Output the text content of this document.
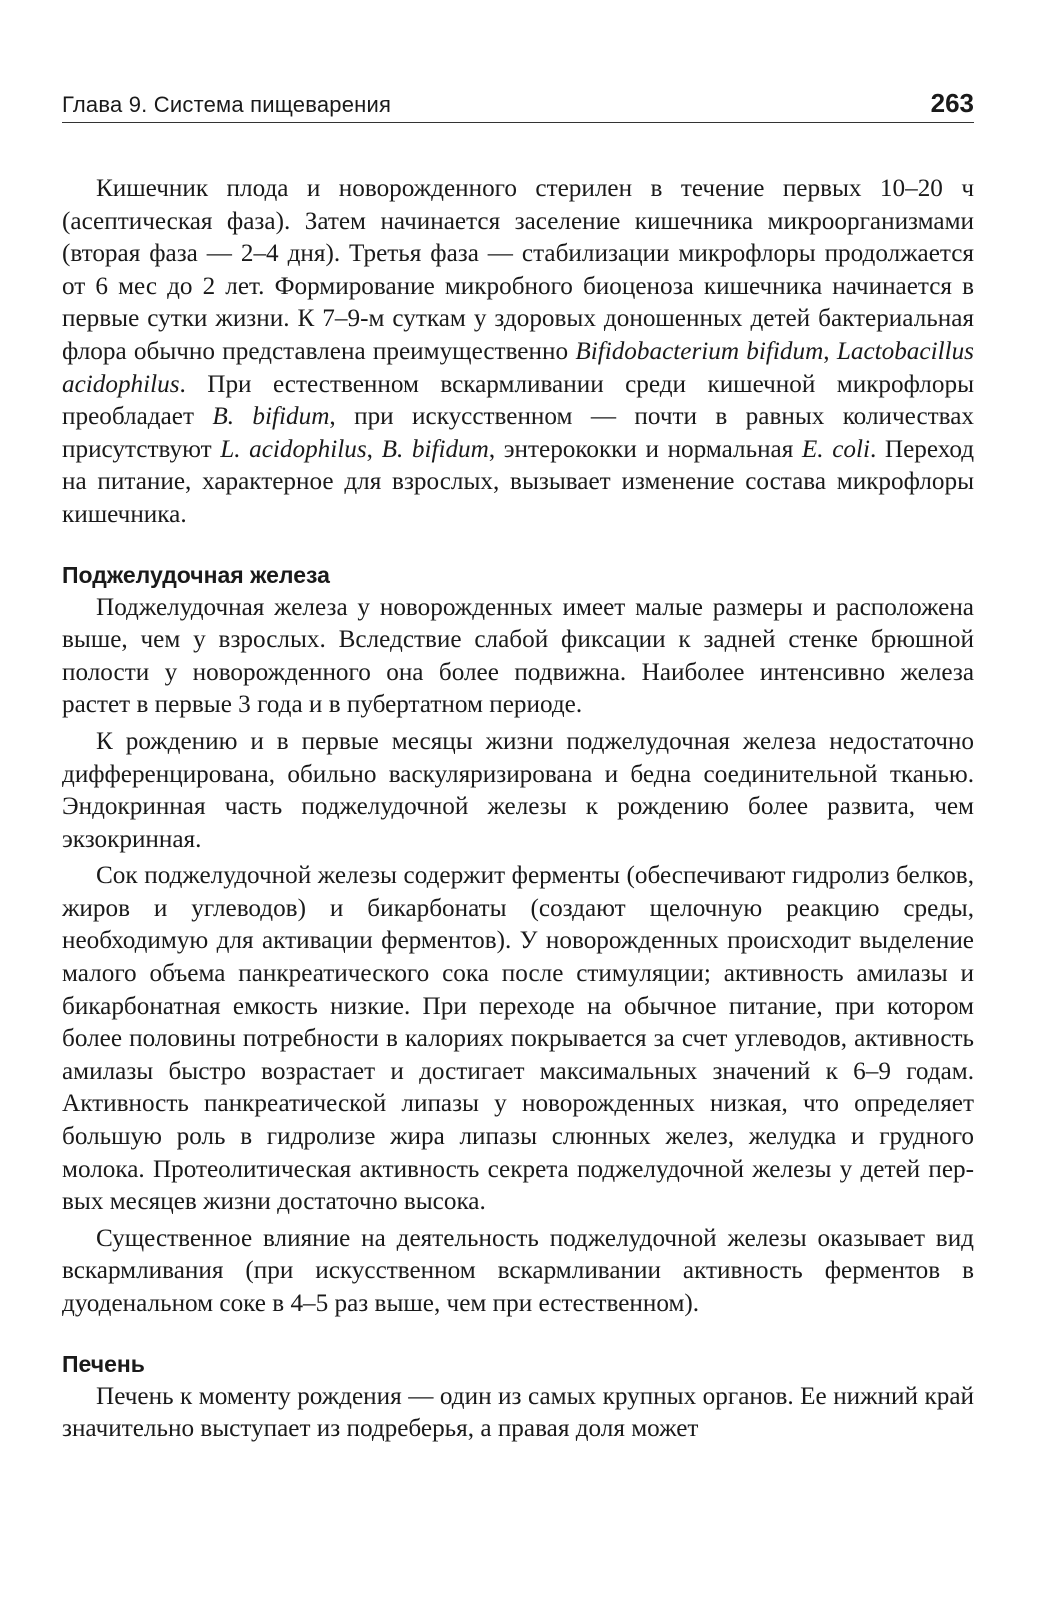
Глава 9. Система пищеварения	263

Кишечник плода и новорожденного стерилен в течение первых 10–20 ч (асептическая фаза). Затем начинается заселение кишечника микроорганизмами (вторая фаза — 2–4 дня). Третья фаза — стабилизации микрофлоры продолжается от 6 мес до 2 лет. Формирование микробного биоценоза кишечника начинается в первые сутки жизни. К 7–9-м суткам у здоровых доношенных детей бактериальная флора обычно представлена преимущественно Bifidobacterium bifidum, Lactobacillus acidophilus. При естественном вскармливании среди кишечной микрофлоры преобладает B. bifidum, при искусственном — почти в равных количествах присутствуют L. acidophilus, B. bifidum, энтерококки и нормальная E. coli. Переход на питание, характерное для взрослых, вызывает изменение состава микрофлоры кишечника.

Поджелудочная железа

Поджелудочная железа у новорожденных имеет малые размеры и расположена выше, чем у взрослых. Вследствие слабой фиксации к задней стенке брюшной полости у новорожденного она более подвижна. Наиболее интенсивно железа растет в первые 3 года и в пубертатном периоде.

К рождению и в первые месяцы жизни поджелудочная железа недостаточно дифференцирована, обильно васкуляризирована и бедна соединительной тканью. Эндокринная часть поджелудочной железы к рождению более развита, чем экзокринная.

Сок поджелудочной железы содержит ферменты (обеспечивают гидролиз белков, жиров и углеводов) и бикарбонаты (создают щелочную реакцию среды, необходимую для активации ферментов). У новорожденных происходит выделение малого объема панкреатического сока после стимуляции; активность амилазы и бикарбонатная емкость низкие. При переходе на обычное питание, при котором более половины потребности в калориях покрывается за счет углеводов, активность амилазы быстро возрастает и достигает максимальных значений к 6–9 годам. Активность панкреатической липазы у новорожденных низкая, что определяет большую роль в гидролизе жира липазы слюнных желез, желудка и грудного молока. Протеолитическая активность секрета поджелудочной железы у детей первых месяцев жизни достаточно высока.

Существенное влияние на деятельность поджелудочной железы оказывает вид вскармливания (при искусственном вскармливании активность ферментов в дуоденальном соке в 4–5 раз выше, чем при естественном).

Печень

Печень к моменту рождения — один из самых крупных органов. Ее нижний край значительно выступает из подреберья, а правая доля может
